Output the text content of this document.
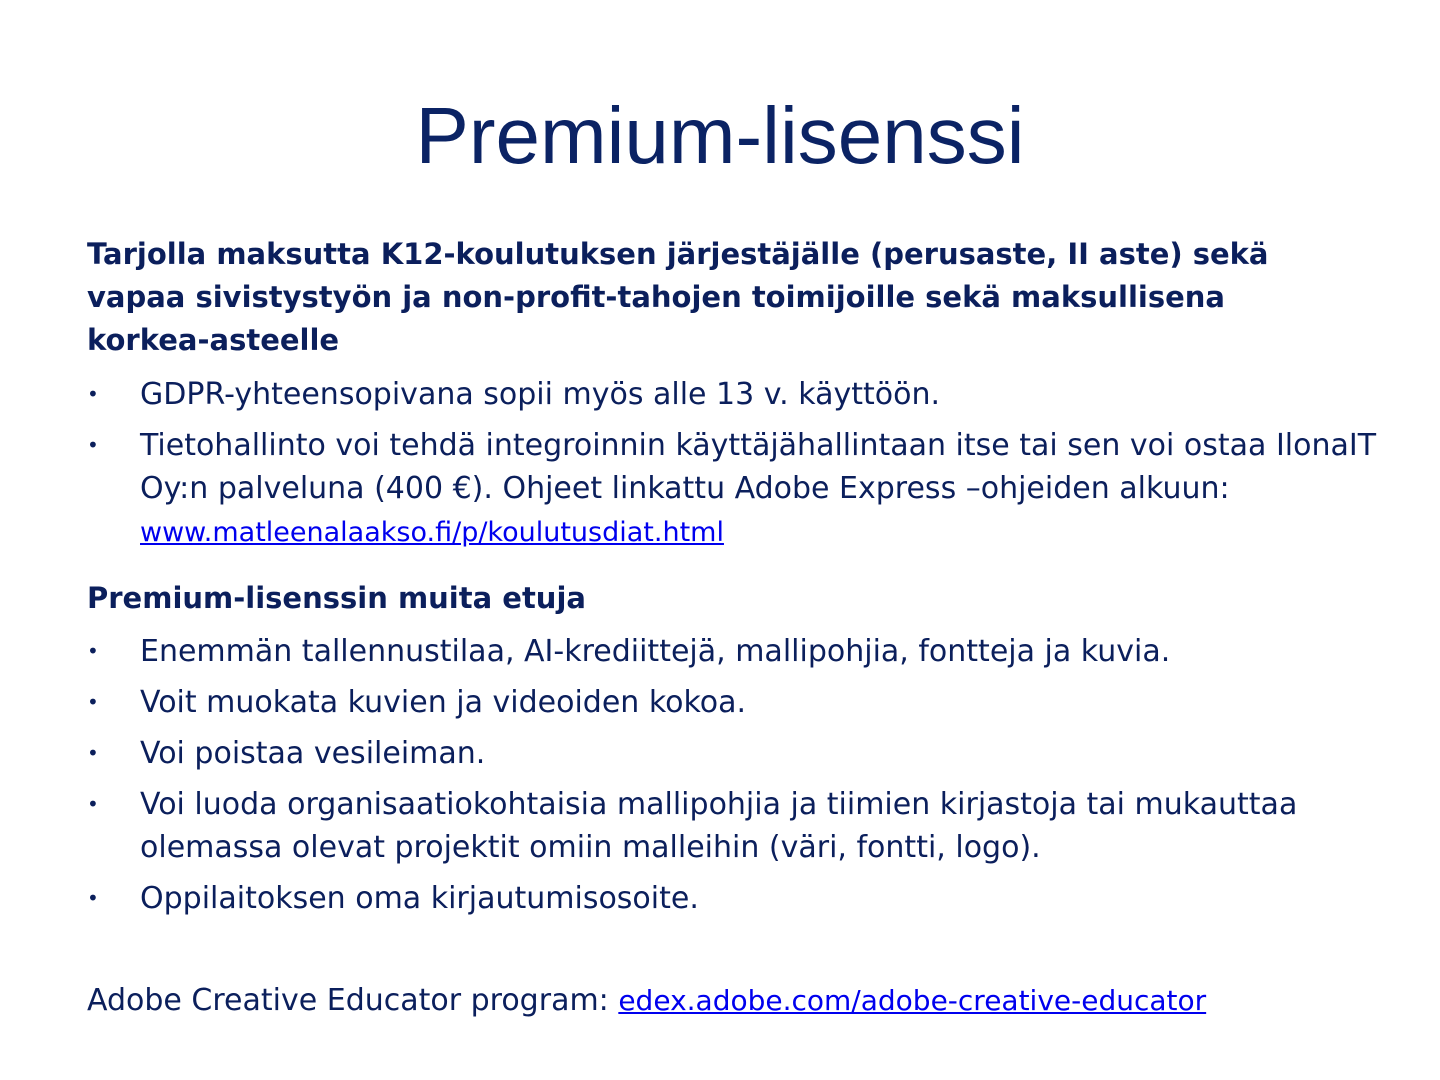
Premium-lisenssi

Tarjolla maksutta K12-koulutuksen järjestäjälle (perusaste, II aste) sekä vapaa sivistystyön ja non-profit-tahojen toimijoille sekä maksullisena korkea-asteelle

• GDPR-yhteensopivana sopii myös alle 13 v. käyttöön.
• Tietohallinto voi tehdä integroinnin käyttäjähallintaan itse tai sen voi ostaa IlonaIT Oy:n palveluna (400 €). Ohjeet linkattu Adobe Express –ohjeiden alkuun: www.matleenalaakso.fi/p/koulutusdiat.html

Premium-lisenssin muita etuja

• Enemmän tallennustilaa, AI-krediittejä, mallipohjia, fontteja ja kuvia.
• Voit muokata kuvien ja videoiden kokoa.
• Voi poistaa vesileiman.
• Voi luoda organisaatiokohtaisia mallipohjia ja tiimien kirjastoja tai mukauttaa olemassa olevat projektit omiin malleihin (väri, fontti, logo).
• Oppilaitoksen oma kirjautumisosoite.
Adobe Creative Educator program: edex.adobe.com/adobe-creative-educator
